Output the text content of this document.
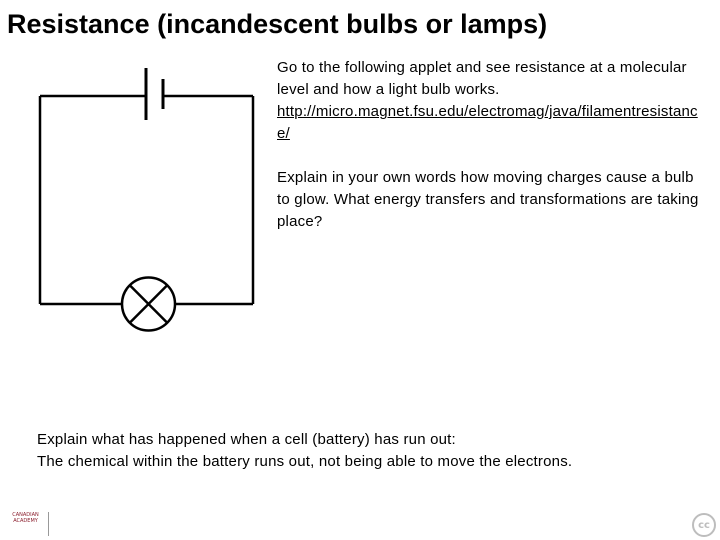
Resistance (incandescent bulbs or lamps)

Go to the following applet and see resistance at a molecular level and how a light bulb works.
http://micro.magnet.fsu.edu/electromag/java/filamentresistance/

Explain in your own words how moving charges cause a bulb to glow. What energy transfers and transformations are taking place?

Explain what has happened when a cell (battery) has run out:

The chemical within the battery runs out, not being able to move the electrons.

CANADIAN
ACADEMY	cc
